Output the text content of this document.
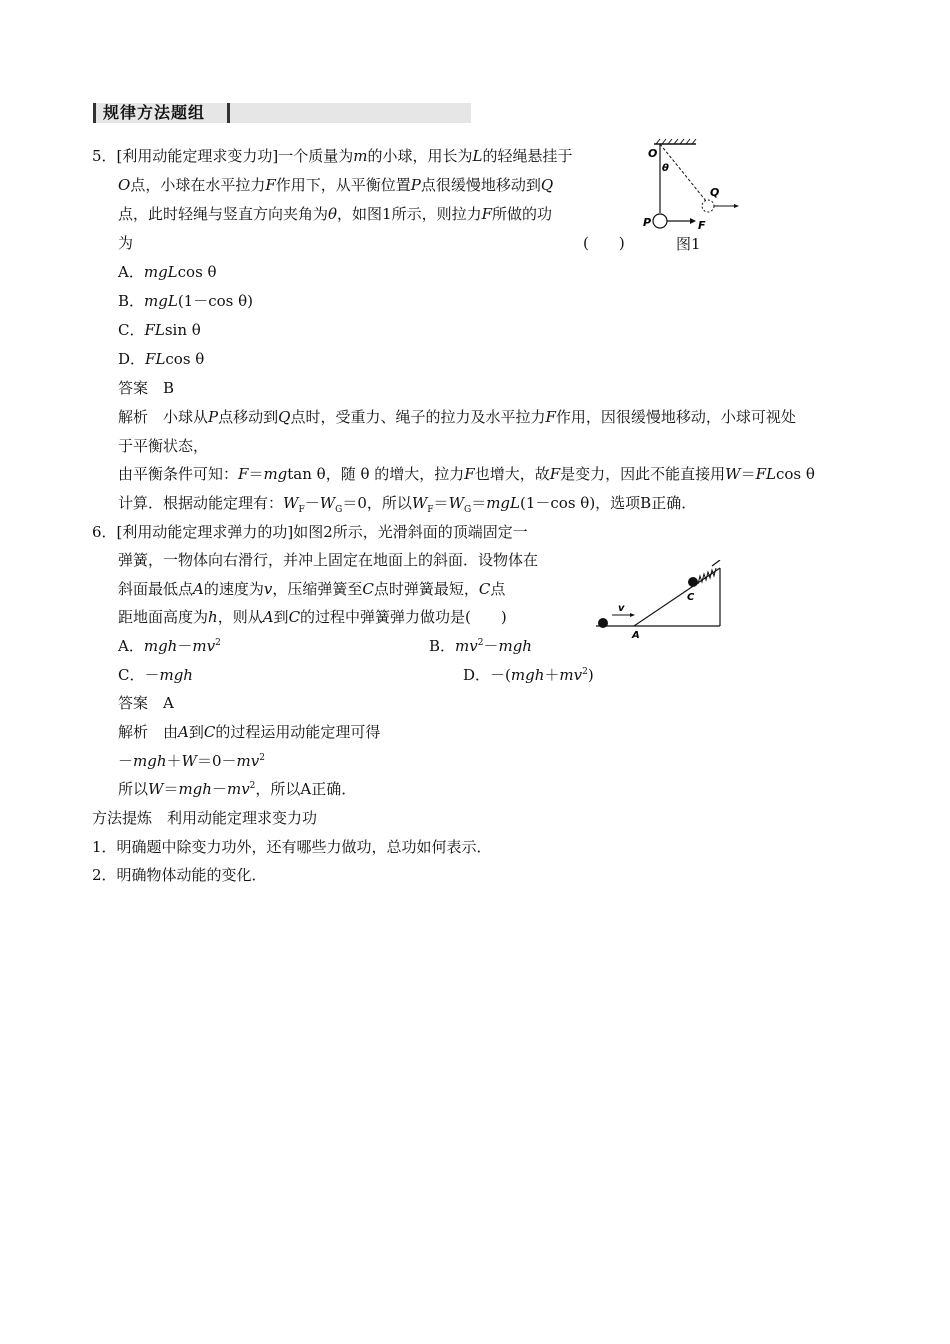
规律方法题组
5．[利用动能定理求变力功]一个质量为m的小球，用长为L的轻绳悬挂于
O点，小球在水平拉力F作用下，从平衡位置P点很缓慢地移动到Q
点，此时轻绳与竖直方向夹角为θ，如图1所示，则拉力F所做的功
为	(　　)	图1
O
θ
Q
P	F
A．mgLcos θ
B．mgL(1－cos θ)
C．FLsin θ
D．FLcos θ
答案　 B
解析　 小球从P点移动到Q点时，受重力、绳子的拉力及水平拉力F作用，因很缓慢地移动，小球可视处
于平衡状态，
由平衡条件可知：F＝mgtan θ，随 θ 的增大，拉力F也增大，故F是变力，因此不能直接用W＝FLcos θ
计算．根据动能定理有：$W_F-W_G=0$，所以$W_F=W_G=mgL(1-\cos$ θ)，选项B正确．
6．[利用动能定理求弹力的功]如图2所示，光滑斜面的顶端固定一
弹簧，一物体向右滑行，并冲上固定在地面上的斜面．设物体在
斜面最低点A的速度为v，压缩弹簧至C点时弹簧最短，C点
距地面高度为h，则从A到C的过程中弹簧弹力做功是(　　)	v
A
C
A．$mgh-mv^2$	B．$mv^2-mgh$
C．－mgh	D．$-(mgh+mv^2)$
答案　 A
解析　 由A到C的过程运用动能定理可得
$-mgh+W=0-mv^2$
所以$W=mgh-mv^2$，所以A正确．
方法提炼　利用动能定理求变力功
1．明确题中除变力功外，还有哪些力做功，总功如何表示．
2．明确物体动能的变化．
